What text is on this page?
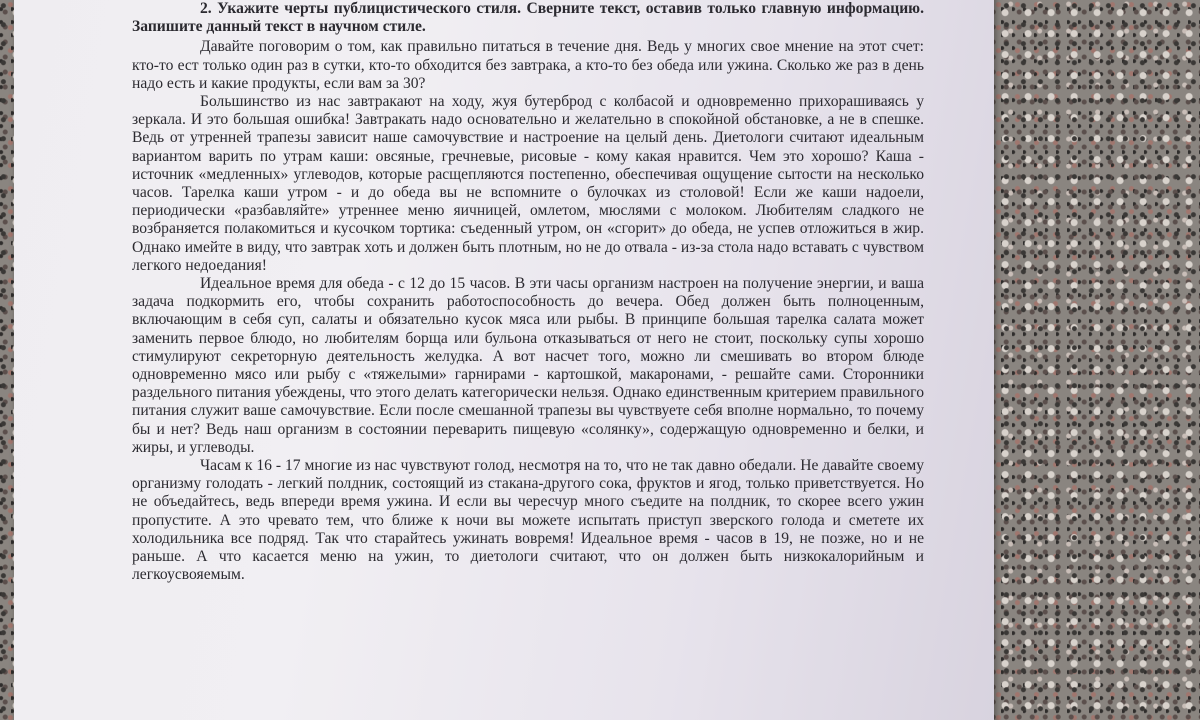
2. Укажите черты публицистического стиля. Сверните текст, оставив только главную информацию. Запишите данный текст в научном стиле.

Давайте поговорим о том, как правильно питаться в течение дня. Ведь у многих свое мнение на этот счет: кто-то ест только один раз в сутки, кто-то обходится без завтрака, а кто-то без обеда или ужина. Сколько же раз в день надо есть и какие продукты, если вам за 30?

Большинство из нас завтракают на ходу, жуя бутерброд с колбасой и одновременно прихорашиваясь у зеркала. И это большая ошибка! Завтракать надо основательно и желательно в спокойной обстановке, а не в спешке. Ведь от утренней трапезы зависит наше самочувствие и настроение на целый день. Диетологи считают идеальным вариантом варить по утрам каши: овсяные, гречневые, рисовые - кому какая нравится. Чем это хорошо? Каша - источник «медленных» углеводов, которые расщепляются постепенно, обеспечивая ощущение сытости на несколько часов. Тарелка каши утром - и до обеда вы не вспомните о булочках из столовой! Если же каши надоели, периодически «разбавляйте» утреннее меню яичницей, омлетом, мюслями с молоком. Любителям сладкого не возбраняется полакомиться и кусочком тортика: съеденный утром, он «сгорит» до обеда, не успев отложиться в жир. Однако имейте в виду, что завтрак хоть и должен быть плотным, но не до отвала - из-за стола надо вставать с чувством легкого недоедания!

Идеальное время для обеда - с 12 до 15 часов. В эти часы организм настроен на получение энергии, и ваша задача подкормить его, чтобы сохранить работоспособность до вечера. Обед должен быть полноценным, включающим в себя суп, салаты и обязательно кусок мяса или рыбы. В принципе большая тарелка салата может заменить первое блюдо, но любителям борща или бульона отказываться от него не стоит, поскольку супы хорошо стимулируют секреторную деятельность желудка. А вот насчет того, можно ли смешивать во втором блюде одновременно мясо или рыбу с «тяжелыми» гарнирами - картошкой, макаронами, - решайте сами. Сторонники раздельного питания убеждены, что этого делать категорически нельзя. Однако единственным критерием правильного питания служит ваше самочувствие. Если после смешанной трапезы вы чувствуете себя вполне нормально, то почему бы и нет? Ведь наш организм в состоянии переварить пищевую «солянку», содержащую одновременно и белки, и жиры, и углеводы.

Часам к 16 - 17 многие из нас чувствуют голод, несмотря на то, что не так давно обедали. Не давайте своему организму голодать - легкий полдник, состоящий из стакана-другого сока, фруктов и ягод, только приветствуется. Но не объедайтесь, ведь впереди время ужина. И если вы чересчур много съедите на полдник, то скорее всего ужин пропустите. А это чревато тем, что ближе к ночи вы можете испытать приступ зверского голода и сметете их холодильника все подряд. Так что старайтесь ужинать вовремя! Идеальное время - часов в 19, не позже, но и не раньше. А что касается меню на ужин, то диетологи считают, что он должен быть низкокалорийным и легкоусвояемым.
